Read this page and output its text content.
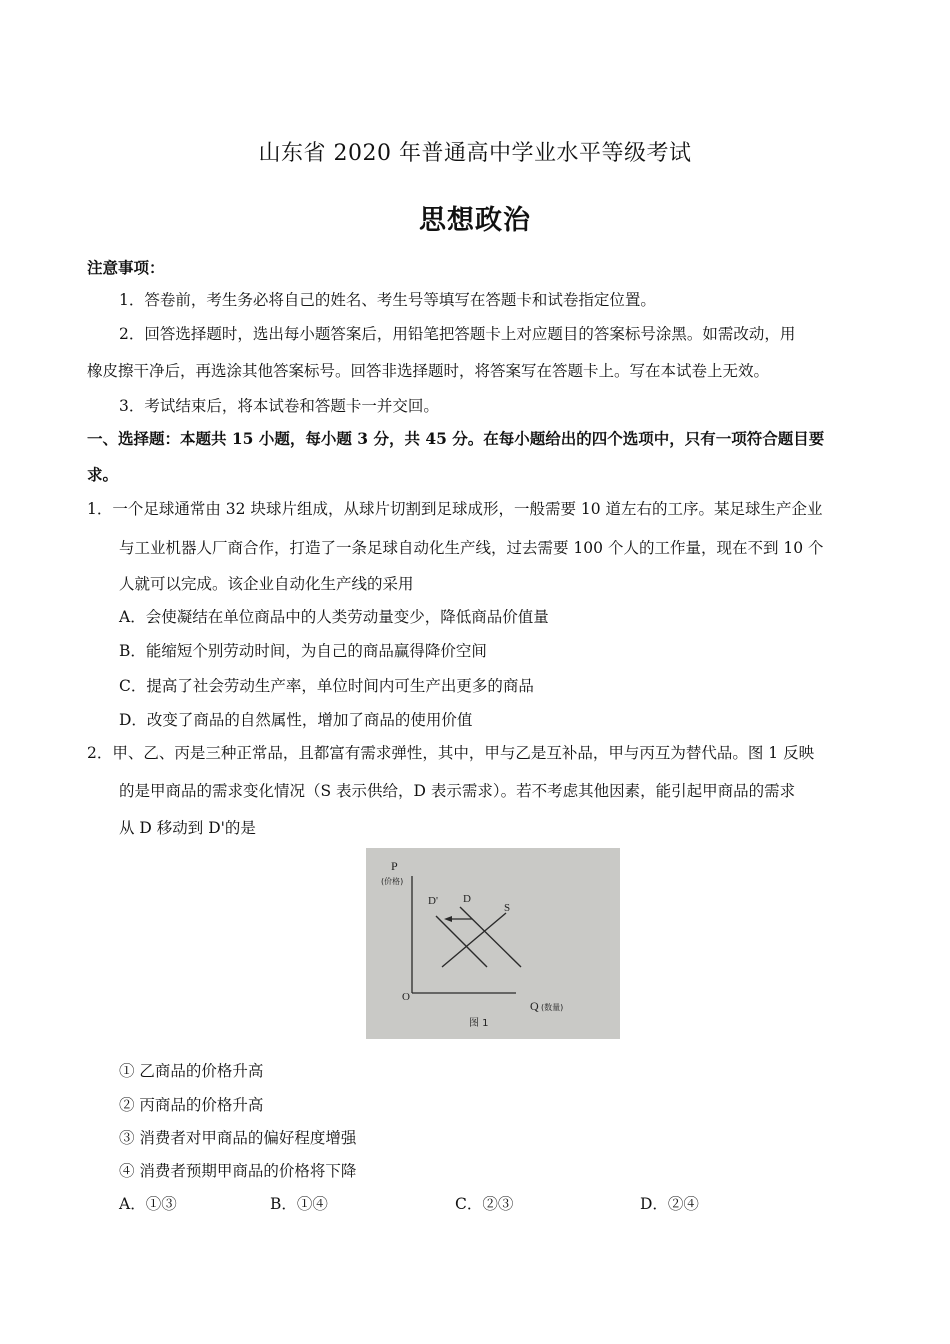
山东省 2020 年普通高中学业水平等级考试
思想政治
注意事项：
1．答卷前，考生务必将自己的姓名、考生号等填写在答题卡和试卷指定位置。
2．回答选择题时，选出每小题答案后，用铅笔把答题卡上对应题目的答案标号涂黑。如需改动，用
橡皮擦干净后，再选涂其他答案标号。回答非选择题时，将答案写在答题卡上。写在本试卷上无效。
3．考试结束后，将本试卷和答题卡一并交回。
一、选择题：本题共 15 小题，每小题 3 分，共 45 分。在每小题给出的四个选项中，只有一项符合题目要
求。
1．一个足球通常由 32 块球片组成，从球片切割到足球成形，一般需要 10 道左右的工序。某足球生产企业
与工业机器人厂商合作，打造了一条足球自动化生产线，过去需要 100 个人的工作量，现在不到 10 个
人就可以完成。该企业自动化生产线的采用
A．会使凝结在单位商品中的人类劳动量变少，降低商品价值量
B．能缩短个别劳动时间，为自己的商品赢得降价空间
C．提高了社会劳动生产率，单位时间内可生产出更多的商品
D．改变了商品的自然属性，增加了商品的使用价值
2．甲、乙、丙是三种正常品，且都富有需求弹性，其中，甲与乙是互补品，甲与丙互为替代品。图 1 反映
的是甲商品的需求变化情况（S 表示供给，D 表示需求）。若不考虑其他因素，能引起甲商品的需求
从 D 移动到 D'的是
P
(价格)
O
Q (数量)
D' D
S
图 1
① 乙商品的价格升高
② 丙商品的价格升高
③ 消费者对甲商品的偏好程度增强
④ 消费者预期甲商品的价格将下降
A．①③	B．①④	C．②③	D．②④
